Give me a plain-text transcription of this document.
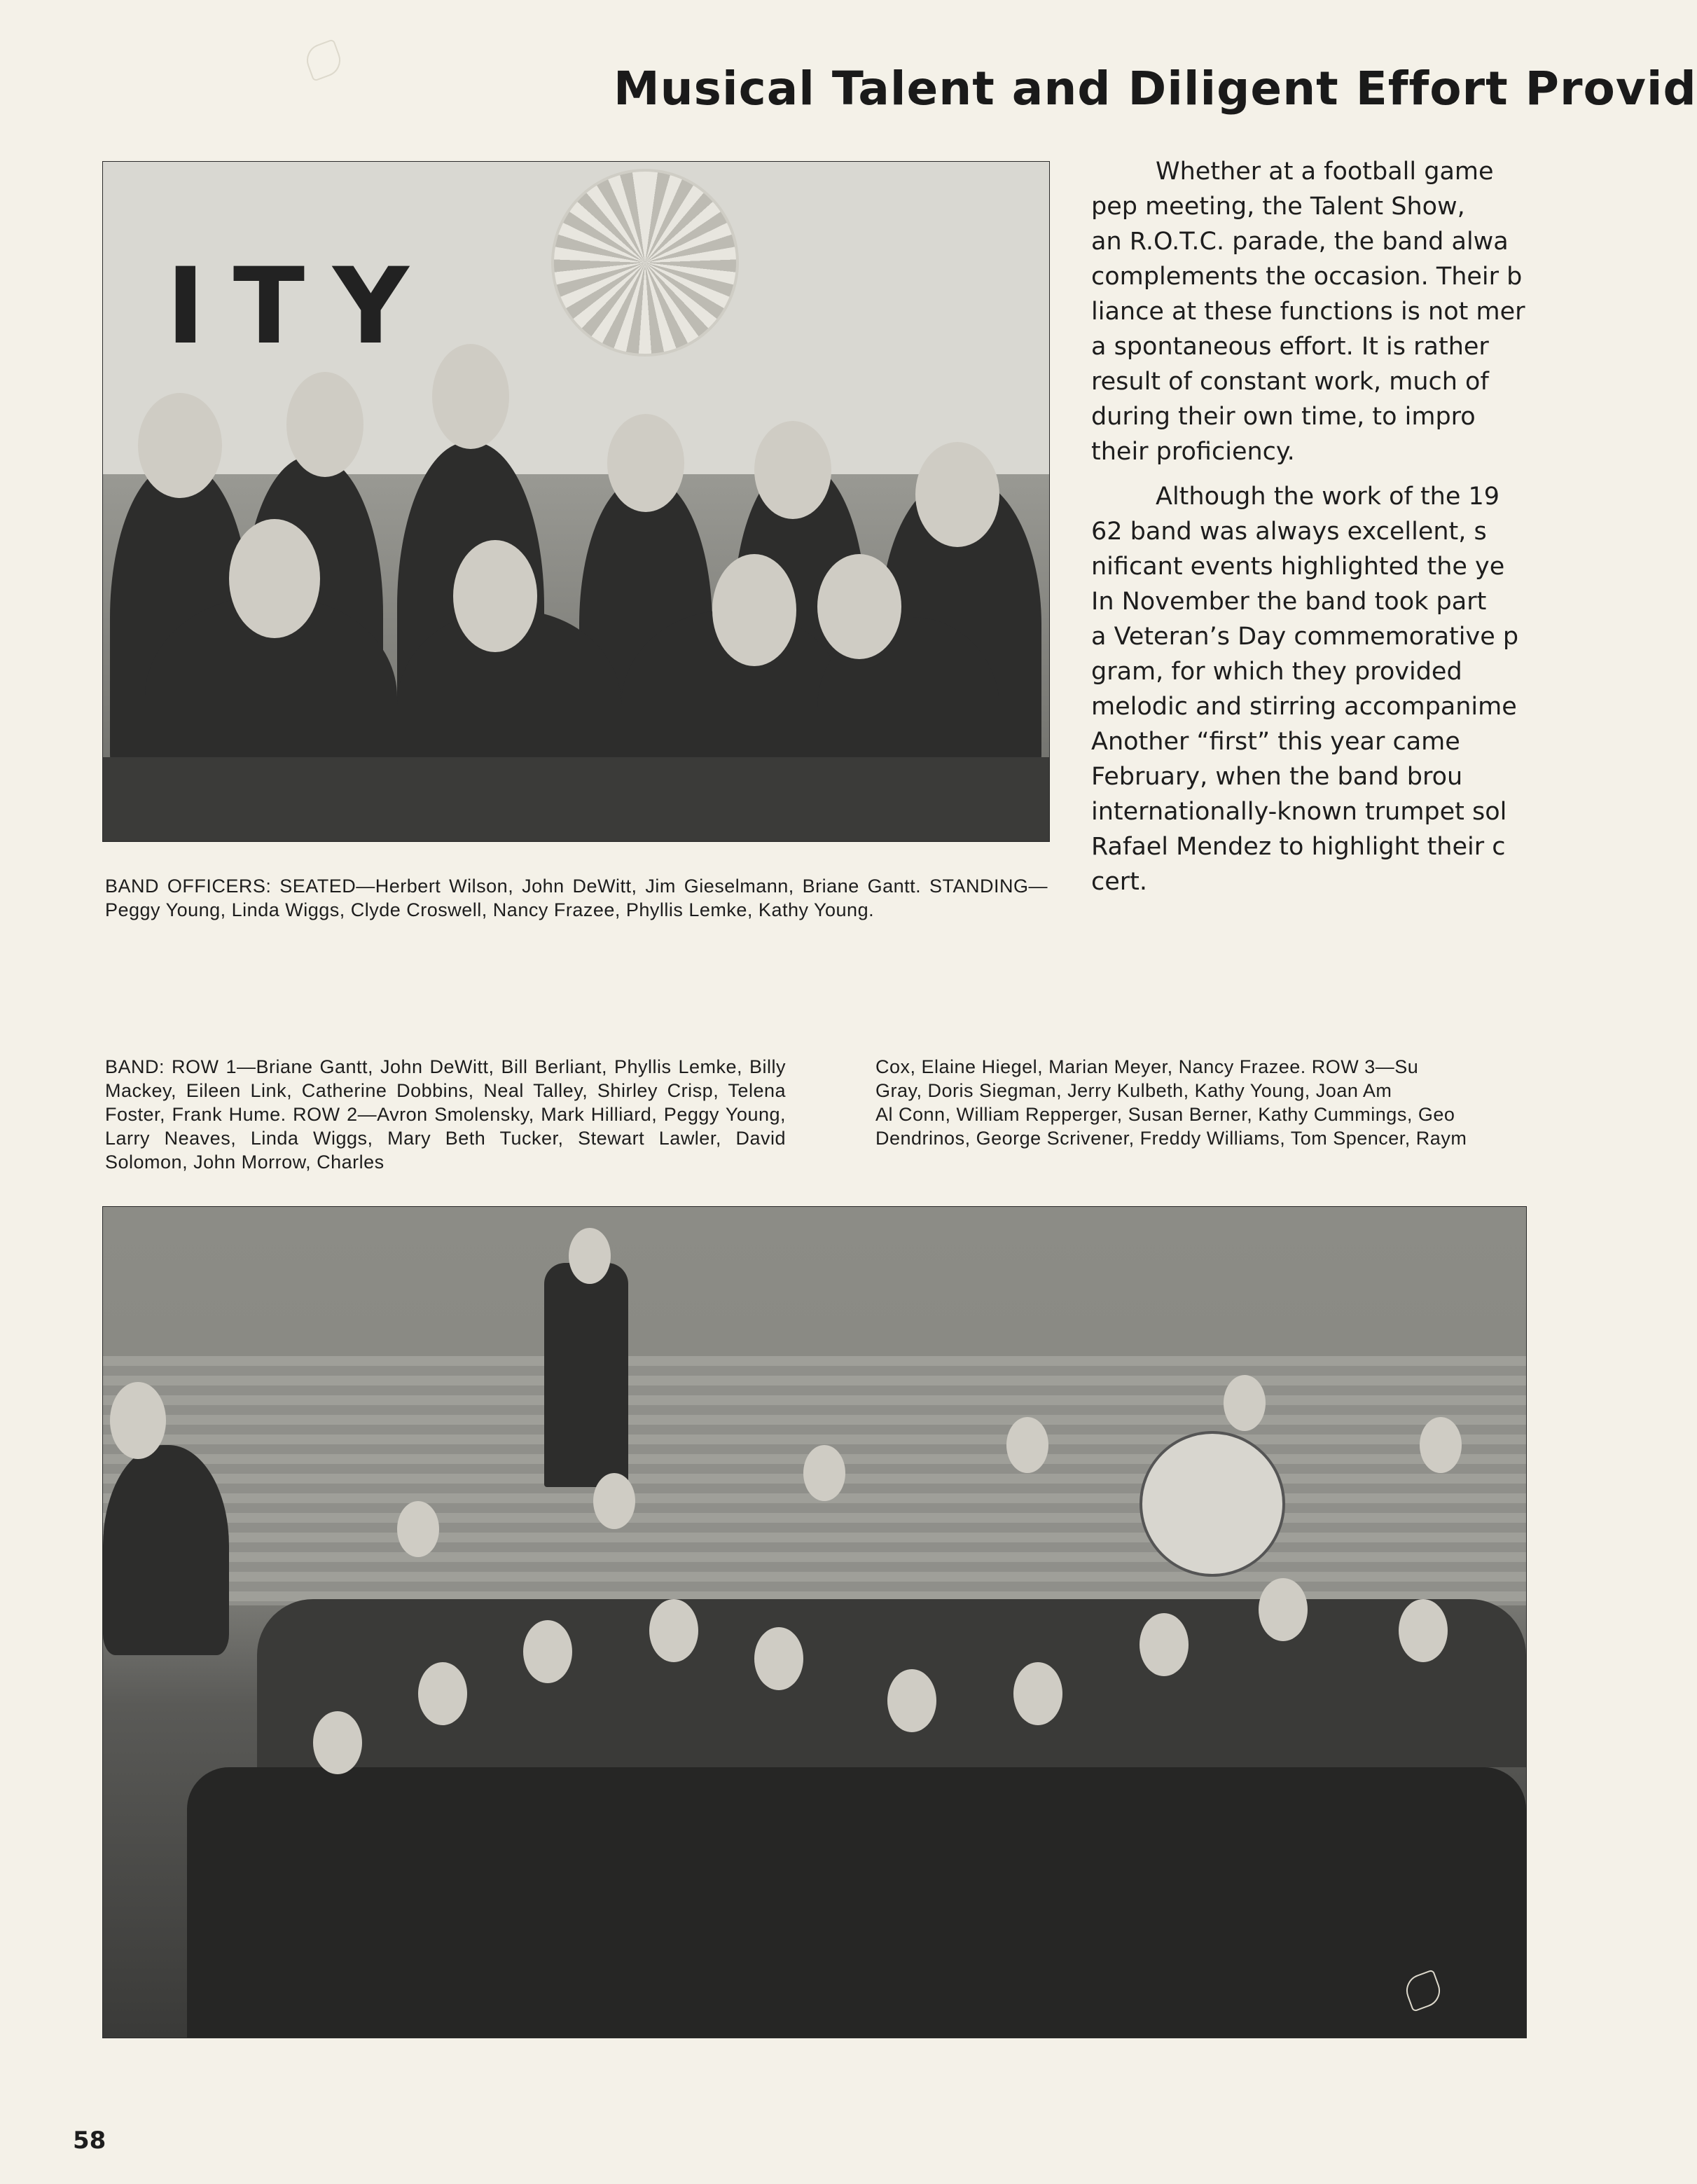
Musical Talent and Diligent Effort Provid
ITY
BAND OFFICERS: SEATED—Herbert Wilson, John DeWitt, Jim Gieselmann, Briane Gantt. STANDING—Peggy Young, Linda Wiggs, Clyde Croswell, Nancy Frazee, Phyllis Lemke, Kathy Young.

Whether at a football game
pep meeting, the Talent Show,
an R.O.T.C. parade, the band alwa
complements the occasion. Their b
liance at these functions is not mer
a spontaneous effort. It is rather
result of constant work, much of
during their own time, to impro
their proficiency.

Although the work of the 19
62 band was always excellent, s
nificant events highlighted the ye
In November the band took part
a Veteran’s Day commemorative p
gram, for which they provided
melodic and stirring accompanime
Another “first” this year came
February, when the band brou
internationally-known trumpet sol
Rafael Mendez to highlight their c
cert.

BAND: ROW 1—Briane Gantt, John DeWitt, Bill Berliant, Phyllis Lemke, Billy Mackey, Eileen Link, Catherine Dobbins, Neal Talley, Shirley Crisp, Telena Foster, Frank Hume. ROW 2—Avron Smolensky, Mark Hilliard, Peggy Young, Larry Neaves, Linda Wiggs, Mary Beth Tucker, Stewart Lawler, David Solomon, John Morrow, Charles
Cox, Elaine Hiegel, Marian Meyer, Nancy Frazee. ROW 3—Su
Gray, Doris Siegman, Jerry Kulbeth, Kathy Young, Joan Am
Al Conn, William Repperger, Susan Berner, Kathy Cummings, Geo
Dendrinos, George Scrivener, Freddy Williams, Tom Spencer, Raym
58
